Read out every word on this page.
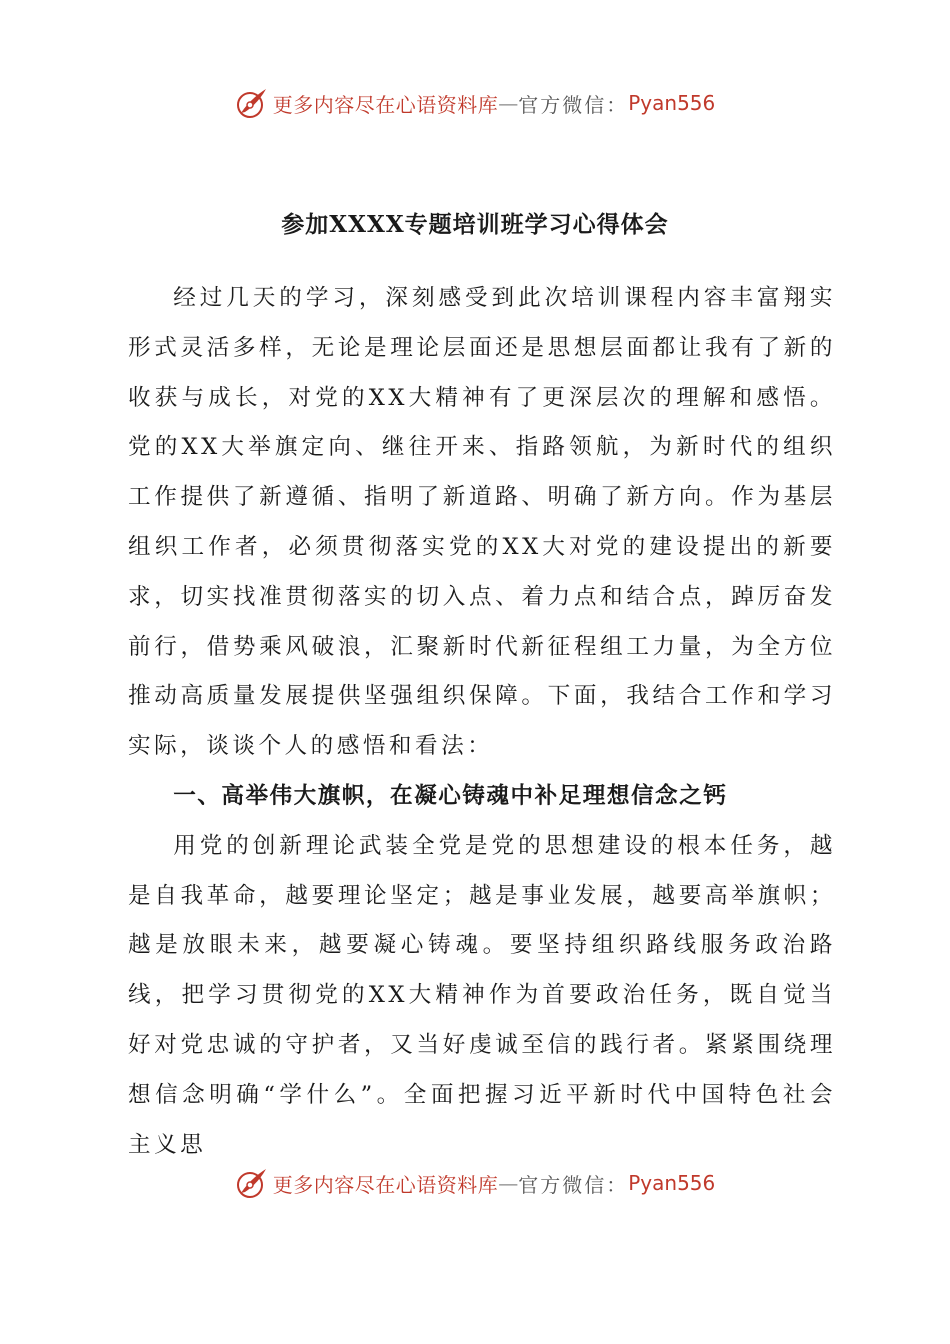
更多内容尽在心语资料库 — 官方微信： Pyan556
参加XXXX专题培训班学习心得体会

经过几天的学习，深刻感受到此次培训课程内容丰富翔实形式灵活多样，无论是理论层面还是思想层面都让我有了新的收获与成长，对党的XX大精神有了更深层次的理解和感悟。党的XX大举旗定向、继往开来、指路领航，为新时代的组织工作提供了新遵循、指明了新道路、明确了新方向。作为基层组织工作者，必须贯彻落实党的XX大对党的建设提出的新要求，切实找准贯彻落实的切入点、着力点和结合点，踔厉奋发前行，借势乘风破浪，汇聚新时代新征程组工力量，为全方位推动高质量发展提供坚强组织保障。下面，我结合工作和学习实际，谈谈个人的感悟和看法：

一、高举伟大旗帜，在凝心铸魂中补足理想信念之钙

用党的创新理论武装全党是党的思想建设的根本任务，越是自我革命，越要理论坚定；越是事业发展，越要高举旗帜；越是放眼未来，越要凝心铸魂。要坚持组织路线服务政治路线，把学习贯彻党的XX大精神作为首要政治任务，既自觉当好对党忠诚的守护者，又当好虔诚至信的践行者。紧紧围绕理想信念明确“学什么”。全面把握习近平新时代中国特色社会主义思

更多内容尽在心语资料库 — 官方微信： Pyan556
